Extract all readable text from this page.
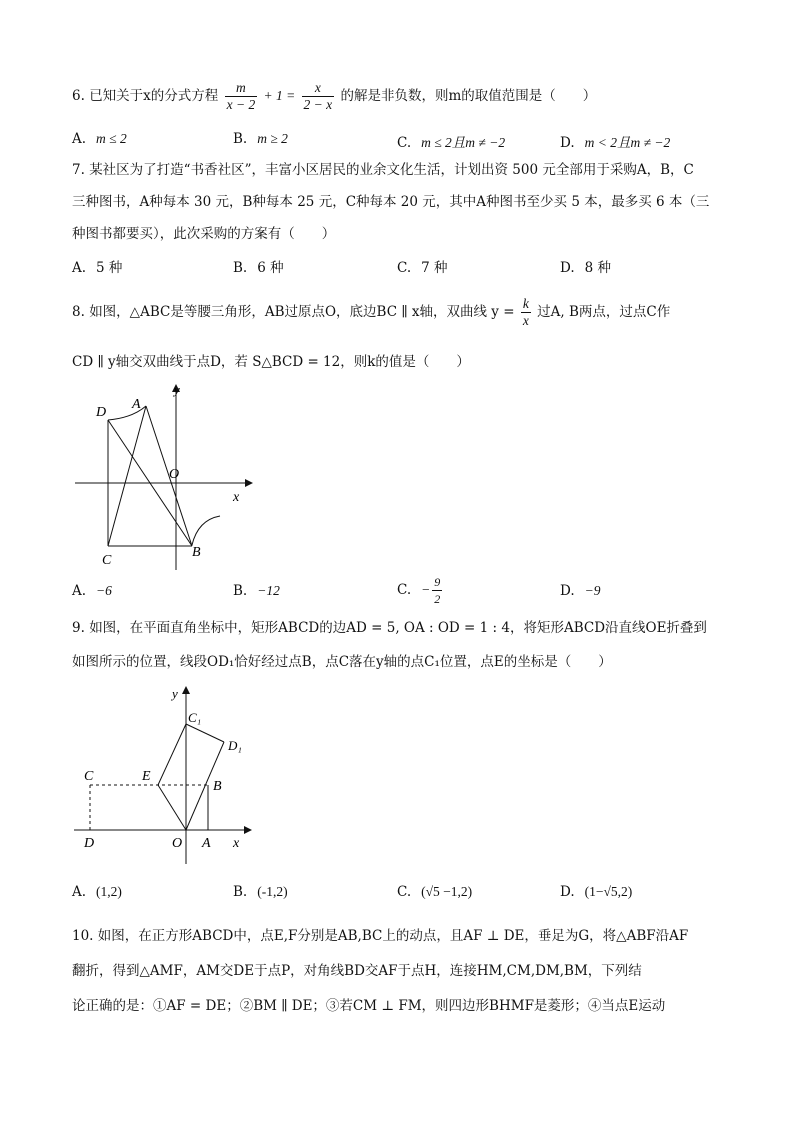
6. 已知关于x的分式方程 $\frac{m}{x - 2} + 1 = \frac{x}{2 - x}$ 的解是非负数，则m的取值范围是（　　）
A. m ≤ 2	B. m ≥ 2	C. m ≤ 2且m ≠ −2	D. m < 2且m ≠ −2
7. 某社区为了打造“书香社区”，丰富小区居民的业余文化生活，计划出资 500 元全部用于采购A，B，C
三种图书，A种每本 30 元，B种每本 25 元，C种每本 20 元，其中A种图书至少买 5 本，最多买 6 本（三
种图书都要买），此次采购的方案有（　　）
A. 5 种	B. 6 种	C. 7 种	D. 8 种
8. 如图，△ABC是等腰三角形，AB过原点O，底边BC ∥ x轴，双曲线 $y = \frac{k}{x}$ 过A, B两点，过点C作
CD ∥ y轴交双曲线于点D，若 S△BCD = 12，则k的值是（　　）
y
D
A
O
x
C
B
A. −6	B. −12	C. − $\frac{9}{2}$	D. −9
9. 如图，在平面直角坐标中，矩形ABCD的边AD = 5, OA : OD = 1 : 4，将矩形ABCD沿直线OE折叠到
如图所示的位置，线段OD₁恰好经过点B，点C落在y轴的点C₁位置，点E的坐标是（　　）
y
C₁
D₁
C	E
B
D	O A x
A. (1,2)	B. (-1,2)	C. (√5 −1,2)	D. (1−√5,2)
10. 如图，在正方形ABCD中，点E,F分别是AB,BC上的动点，且AF ⊥ DE，垂足为G，将△ABF沿AF
翻折，得到△AMF，AM交DE于点P，对角线BD交AF于点H，连接HM,CM,DM,BM，下列结
论正确的是：①AF = DE；②BM ∥ DE；③若CM ⊥ FM，则四边形BHMF是菱形；④当点E运动
